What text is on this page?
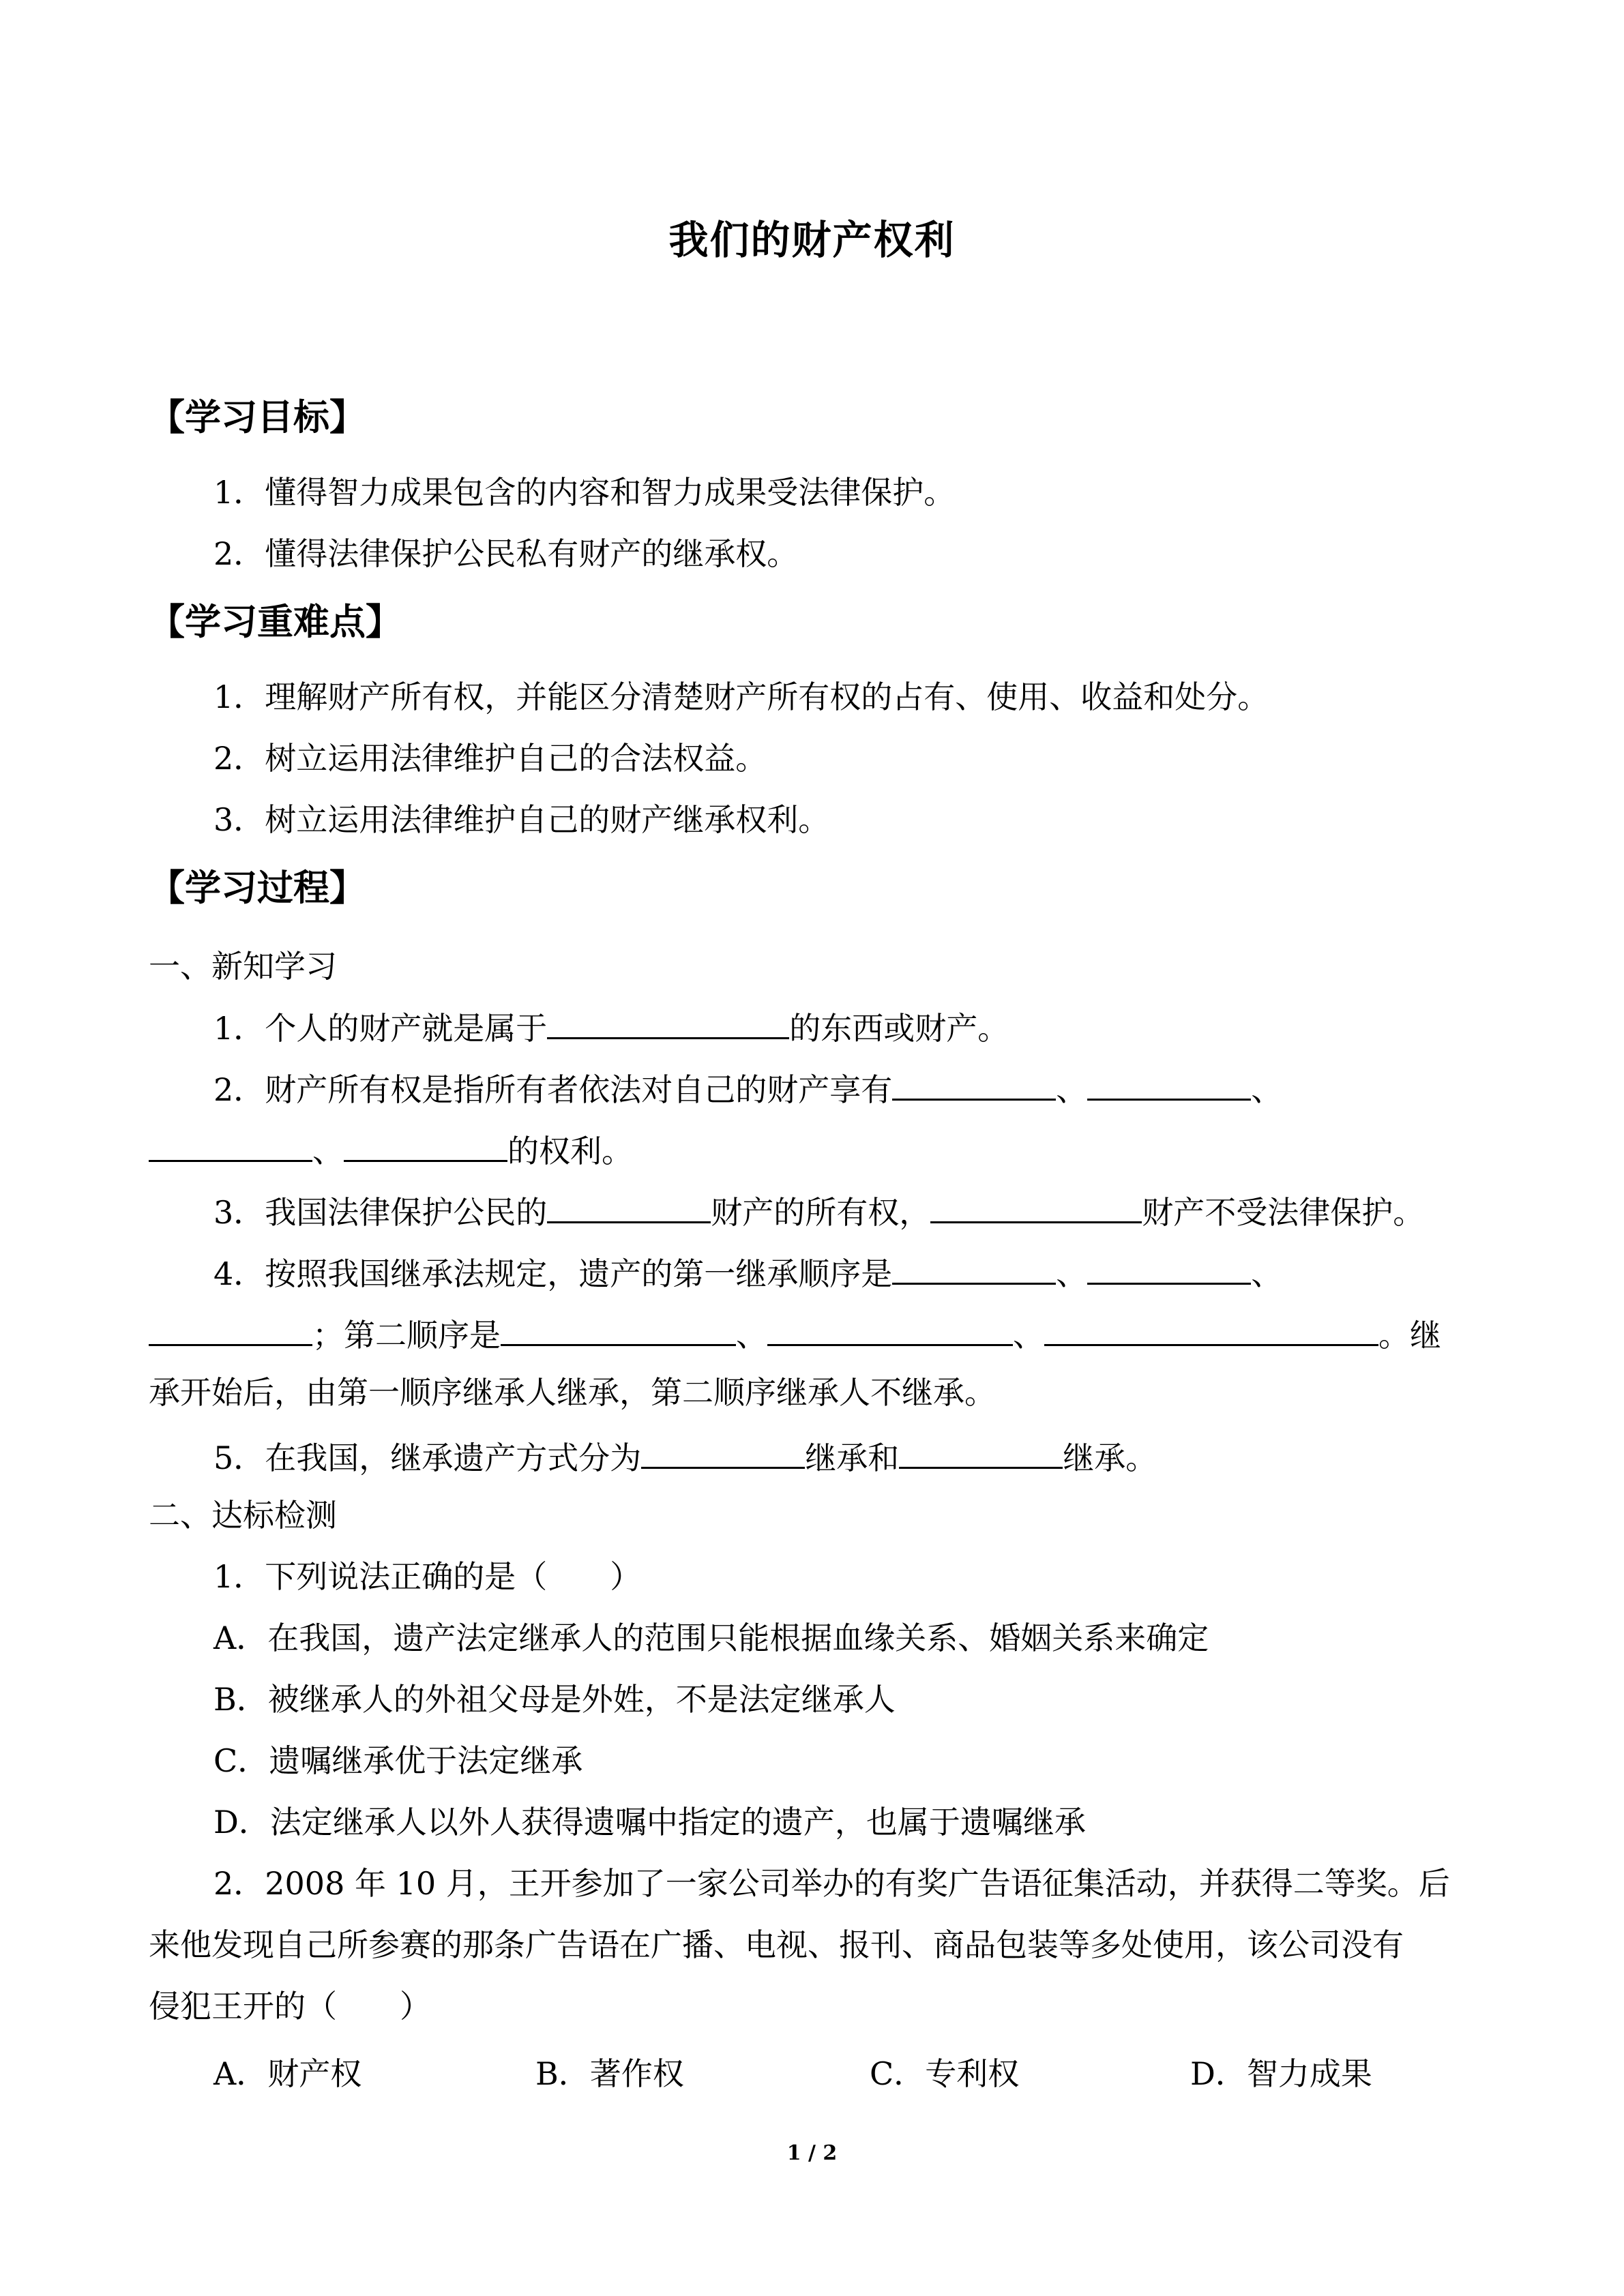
我们的财产权利
【学习目标】
1．懂得智力成果包含的内容和智力成果受法律保护。
2．懂得法律保护公民私有财产的继承权。
【学习重难点】
1．理解财产所有权，并能区分清楚财产所有权的占有、使用、收益和处分。
2．树立运用法律维护自己的合法权益。
3．树立运用法律维护自己的财产继承权利。
【学习过程】
一、新知学习
1．个人的财产就是属于	的东西或财产。
2．财产所有权是指所有者依法对自己的财产享有	、	、
、	的权利。
3．我国法律保护公民的	财产的所有权，	财产不受法律保护。
4．按照我国继承法规定，遗产的第一继承顺序是	、	、
；第二顺序是	、	、	。继
承开始后，由第一顺序继承人继承，第二顺序继承人不继承。
5．在我国，继承遗产方式分为	继承和	继承。
二、达标检测
1．下列说法正确的是（　　）
A．在我国，遗产法定继承人的范围只能根据血缘关系、婚姻关系来确定
B．被继承人的外祖父母是外姓，不是法定继承人
C．遗嘱继承优于法定继承
D．法定继承人以外人获得遗嘱中指定的遗产，也属于遗嘱继承
2．2008 年 10 月，王开参加了一家公司举办的有奖广告语征集活动，并获得二等奖。后
来他发现自己所参赛的那条广告语在广播、电视、报刊、商品包装等多处使用，该公司没有
侵犯王开的（　　）
A．财产权	B．著作权	C．专利权	D．智力成果
1 / 2
